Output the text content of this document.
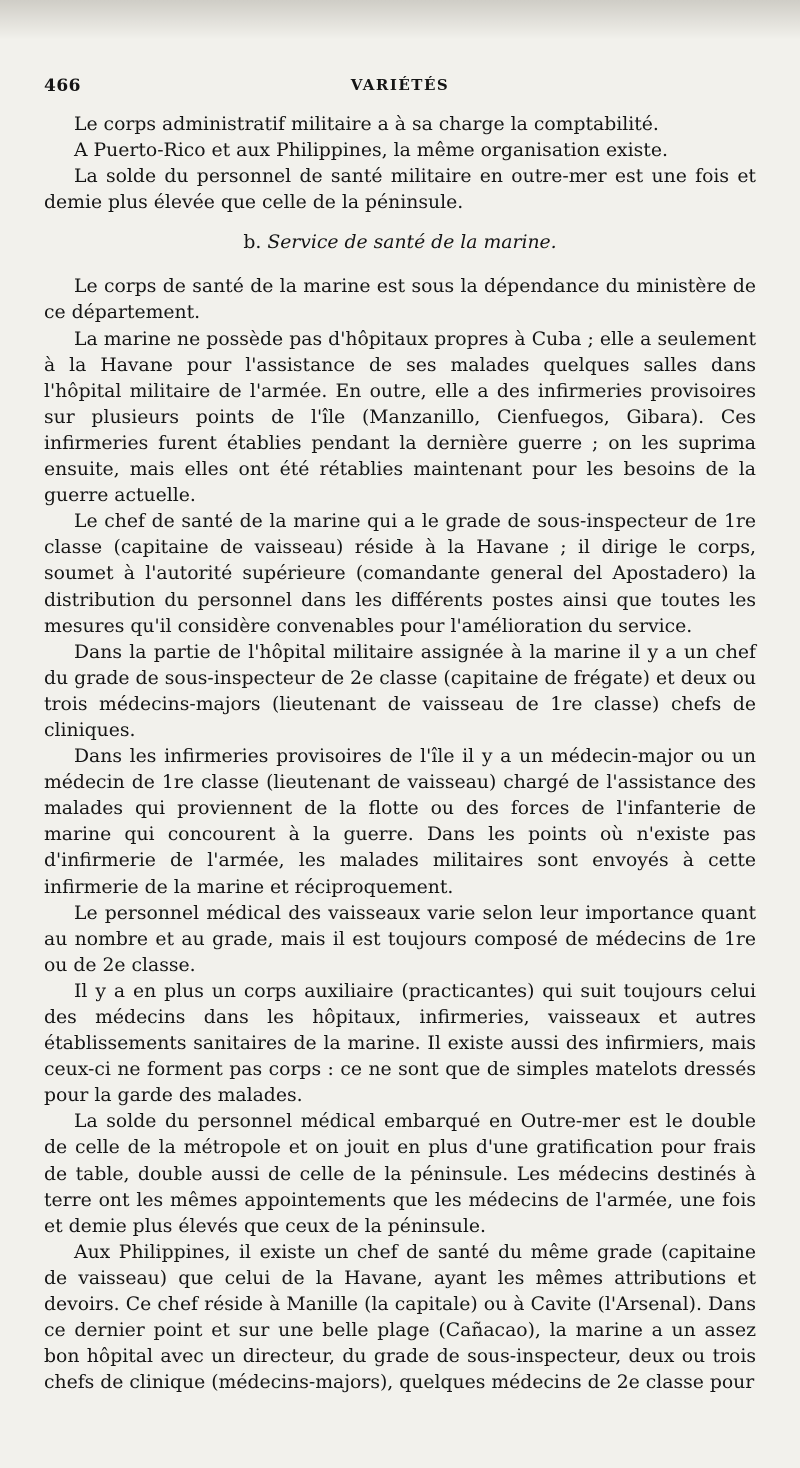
466	VARIÉTÉS

Le corps administratif militaire a à sa charge la comptabilité.

A Puerto-Rico et aux Philippines, la même organisation existe.

La solde du personnel de santé militaire en outre-mer est une fois et demie plus élevée que celle de la péninsule.

b. Service de santé de la marine.

Le corps de santé de la marine est sous la dépendance du ministère de ce département.

La marine ne possède pas d'hôpitaux propres à Cuba ; elle a seulement à la Havane pour l'assistance de ses malades quelques salles dans l'hôpital militaire de l'armée. En outre, elle a des infirmeries provisoires sur plusieurs points de l'île (Manzanillo, Cienfuegos, Gibara). Ces infirmeries furent établies pendant la dernière guerre ; on les suprima ensuite, mais elles ont été rétablies maintenant pour les besoins de la guerre actuelle.

Le chef de santé de la marine qui a le grade de sous-inspecteur de 1re classe (capitaine de vaisseau) réside à la Havane ; il dirige le corps, soumet à l'autorité supérieure (comandante general del Apostadero) la distribution du personnel dans les différents postes ainsi que toutes les mesures qu'il considère convenables pour l'amélioration du service.

Dans la partie de l'hôpital militaire assignée à la marine il y a un chef du grade de sous-inspecteur de 2e classe (capitaine de frégate) et deux ou trois médecins-majors (lieutenant de vaisseau de 1re classe) chefs de cliniques.

Dans les infirmeries provisoires de l'île il y a un médecin-major ou un médecin de 1re classe (lieutenant de vaisseau) chargé de l'assistance des malades qui proviennent de la flotte ou des forces de l'infanterie de marine qui concourent à la guerre. Dans les points où n'existe pas d'infirmerie de l'armée, les malades militaires sont envoyés à cette infirmerie de la marine et réciproquement.

Le personnel médical des vaisseaux varie selon leur importance quant au nombre et au grade, mais il est toujours composé de médecins de 1re ou de 2e classe.

Il y a en plus un corps auxiliaire (practicantes) qui suit toujours celui des médecins dans les hôpitaux, infirmeries, vaisseaux et autres établissements sanitaires de la marine. Il existe aussi des infirmiers, mais ceux-ci ne forment pas corps : ce ne sont que de simples matelots dressés pour la garde des malades.

La solde du personnel médical embarqué en Outre-mer est le double de celle de la métropole et on jouit en plus d'une gratification pour frais de table, double aussi de celle de la péninsule. Les médecins destinés à terre ont les mêmes appointements que les médecins de l'armée, une fois et demie plus élevés que ceux de la péninsule.

Aux Philippines, il existe un chef de santé du même grade (capitaine de vaisseau) que celui de la Havane, ayant les mêmes attributions et devoirs. Ce chef réside à Manille (la capitale) ou à Cavite (l'Arsenal). Dans ce dernier point et sur une belle plage (Cañacao), la marine a un assez bon hôpital avec un directeur, du grade de sous-inspecteur, deux ou trois chefs de clinique (médecins-majors), quelques médecins de 2e classe pour
